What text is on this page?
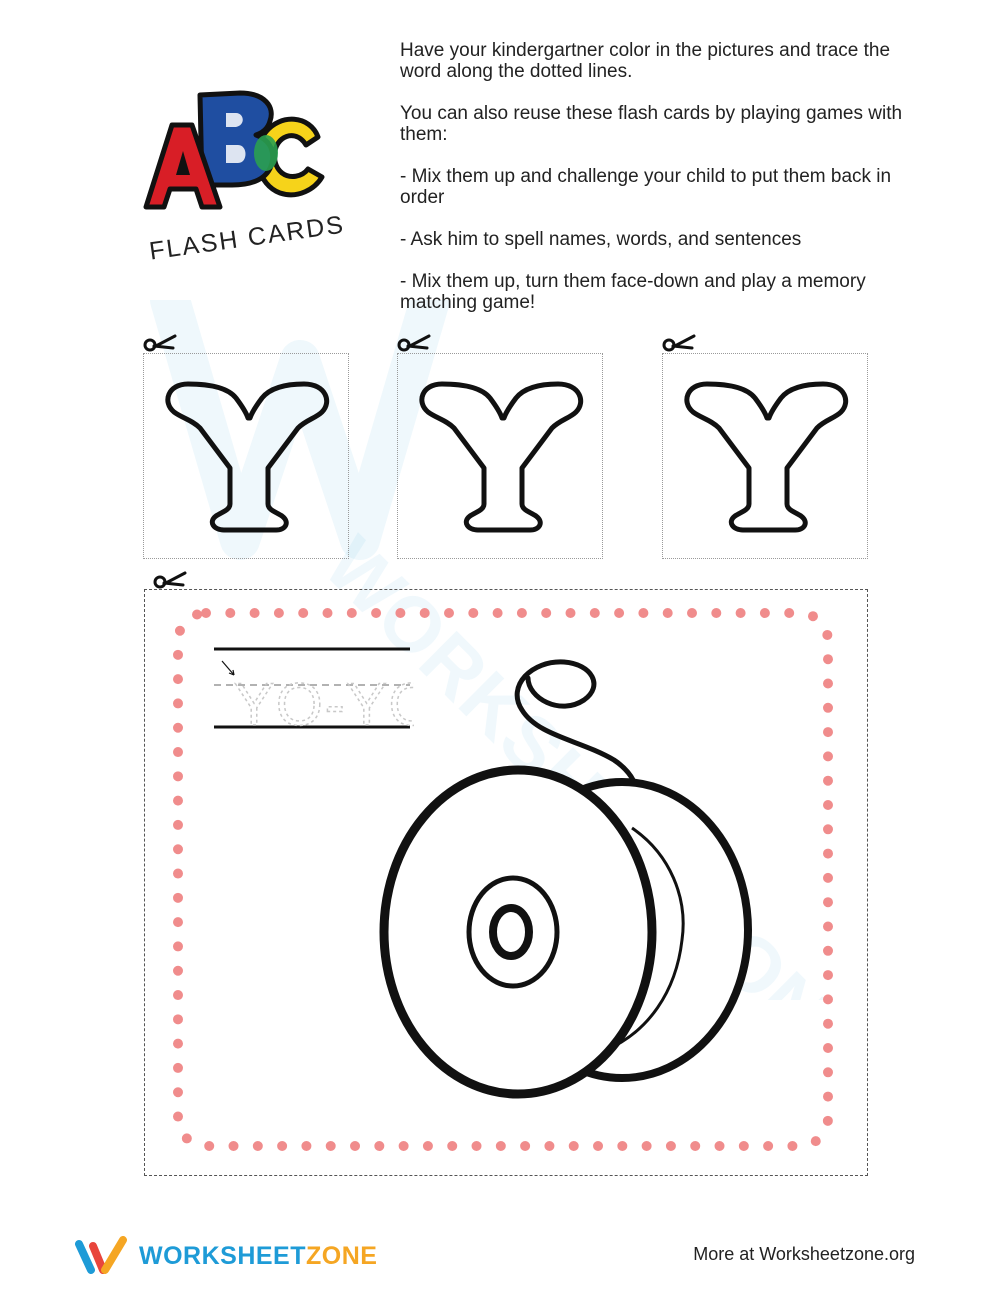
WORKSHEETZONE
FLASH CARDS

Have your kindergartner color in the pictures and trace the word along the dotted lines.

You can also reuse these flash cards by playing games with them:

- Mix them up and challenge your child to put them back in order

- Ask him to spell names, words, and sentences

- Mix them up, turn them face-down and play a memory matching game!

YO-Y
WORKSHEETZONE	More at Worksheetzone.org
